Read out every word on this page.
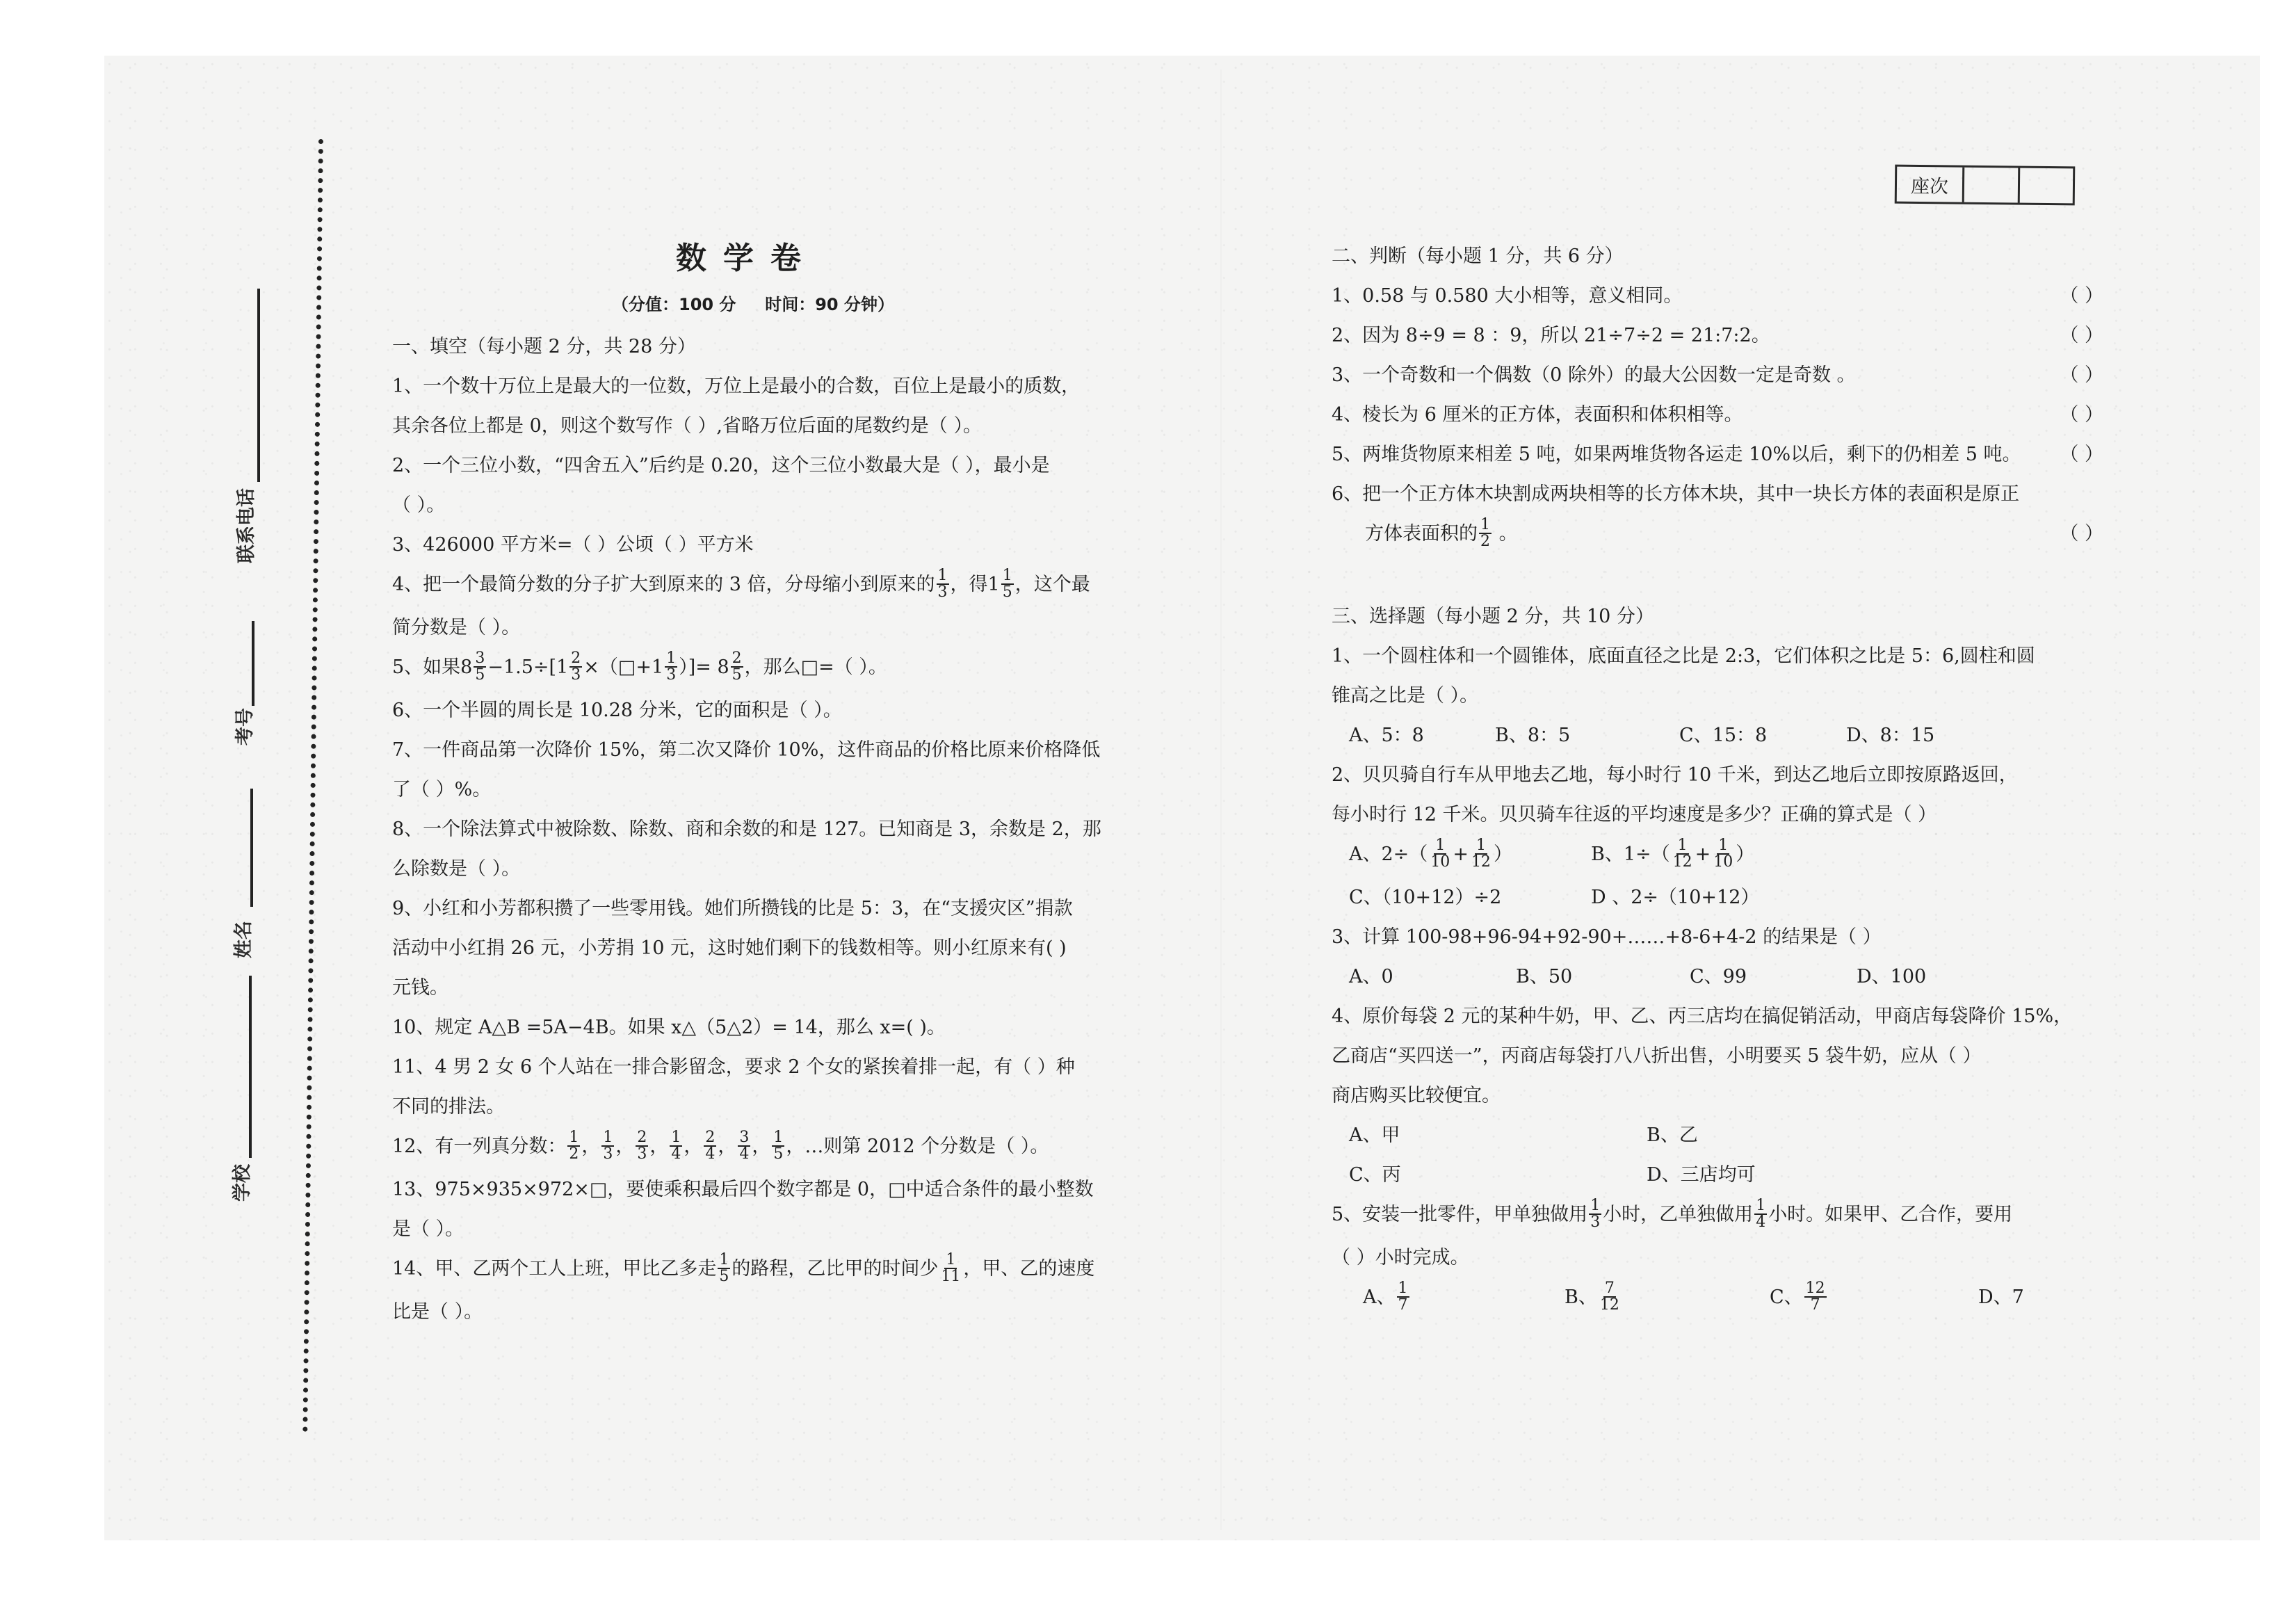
联系电话
考号
姓名
学校
数学卷
（分值：100 分     时间：90 分钟）
座次
一、填空（每小题 2 分，共 28 分）
1、一个数十万位上是最大的一位数，万位上是最小的合数，百位上是最小的质数，
其余各位上都是 0，则这个数写作（ ）,省略万位后面的尾数约是（ ）。
2、一个三位小数，“四舍五入”后约是 0.20，这个三位小数最大是（ ），最小是
（ ）。
3、426000 平方米=（ ）公顷（ ）平方米
4、把一个最简分数的分子扩大到原来的 3 倍，分母缩小到原来的 $\frac{1}{3}$ ，得$1 \frac{1}{5}$ ，这个最
简分数是（ ）。
5、如果$8 \frac{3}{5} -1.5\div[1 \frac{2}{3}$ ×（□+1 $\frac{1}{3}$ ）]= $8 \frac{2}{5}$ ，那么□=（ ）。
6、一个半圆的周长是 10.28 分米，它的面积是（ ）。
7、一件商品第一次降价 15%，第二次又降价 10%，这件商品的价格比原来价格降低
了（ ）%。
8、一个除法算式中被除数、除数、商和余数的和是 127。已知商是 3，余数是 2，那
么除数是（ ）。
9、小红和小芳都积攒了一些零用钱。她们所攒钱的比是 5：3，在“支援灾区”捐款
活动中小红捐 26 元，小芳捐 10 元，这时她们剩下的钱数相等。则小红原来有( )
元钱。
10、规定 A△B =5A−4B。如果 x△（5△2）= 14，那么 x=( )。
11、4 男 2 女 6 个人站在一排合影留念，要求 2 个女的紧挨着排一起，有（ ）种
不同的排法。
12、有一列真分数： $\frac{1}{2}$ ， $\frac{1}{3}$ ， $\frac{2}{3}$ ， $\frac{1}{4}$ ， $\frac{2}{4}$ ， $\frac{3}{4}$ ， $\frac{1}{5}$ ，…则第 2012 个分数是（ ）。
13、975×935×972×□，要使乘积最后四个数字都是 0，□中适合条件的最小整数
是（ ）。
14、甲、乙两个工人上班，甲比乙多走 $\frac{1}{5}$ 的路程，乙比甲的时间少 $\frac{1}{11}$ ，甲、乙的速度
比是（ ）。
二、判断（每小题 1 分，共 6 分）
1、0.58 与 0.580 大小相等，意义相同。	（ ）
2、因为 8÷9 = 8 ：9，所以 21÷7÷2 = 21:7:2。	（ ）
3、一个奇数和一个偶数（0 除外）的最大公因数一定是奇数 。	（ ）
4、棱长为 6 厘米的正方体，表面积和体积相等。	（ ）
5、两堆货物原来相差 5 吨，如果两堆货物各运走 10%以后，剩下的仍相差 5 吨。 （ ）
6、把一个正方体木块割成两块相等的长方体木块，其中一块长方体的表面积是原正
方体表面积的 $\frac{1}{2}$ 。	（ ）
三、选择题（每小题 2 分，共 10 分）
1、一个圆柱体和一个圆锥体，底面直径之比是 2:3，它们体积之比是 5：6,圆柱和圆
锥高之比是（ ）。
A、5：8	B、8：5	C、15：8	D、8：15
2、贝贝骑自行车从甲地去乙地，每小时行 10 千米，到达乙地后立即按原路返回，
每小时行 12 千米。贝贝骑车往返的平均速度是多少？正确的算式是（ ）
A、$2\div( \frac{1}{10} + \frac{1}{12}$ ）	B、$1\div( \frac{1}{12} + \frac{1}{10}$ ）
C、（10+12）÷2	D 、2÷（10+12）
3、计算 100-98+96-94+92-90+……+8-6+4-2 的结果是（ ）
A、0	B、50	C、99	D、100
4、原价每袋 2 元的某种牛奶，甲、乙、丙三店均在搞促销活动，甲商店每袋降价 15%，
乙商店“买四送一”，丙商店每袋打八八折出售，小明要买 5 袋牛奶，应从（ ）
商店购买比较便宜。
A、甲	B、乙
C、丙	D、三店均可
5、安装一批零件，甲单独做用 $\frac{1}{3}$ 小时，乙单独做用 $\frac{1}{4}$ 小时。如果甲、乙合作，要用
（ ）小时完成。
A、 $\frac{1}{7}$	B、 $\frac{7}{12}$	C、 $\frac{12}{7}$	D、7
